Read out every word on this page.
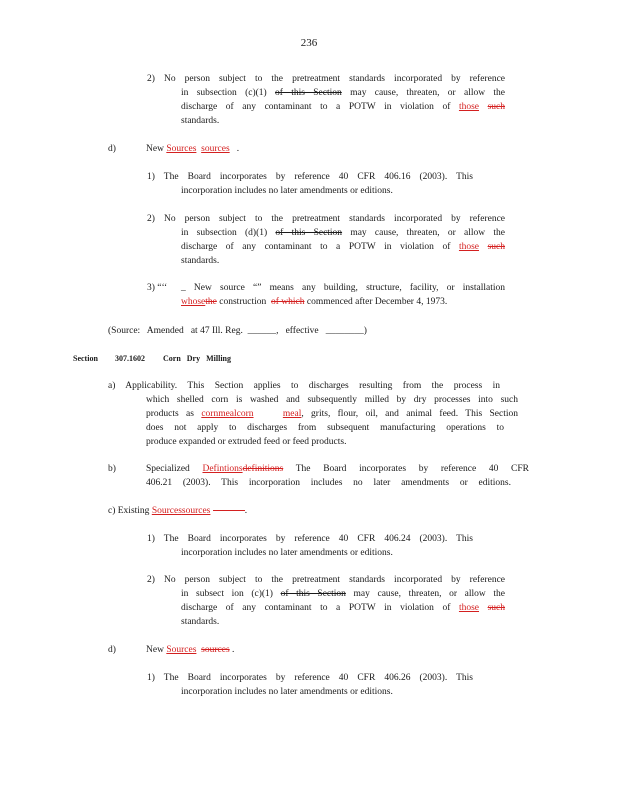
236
2) No person subject to the pretreatment standards incorporated by reference
in subsection (c)(1) of this Section may cause, threaten, or allow the
discharge of any contaminant to a POTW in violation of those such
standards.
d)	New Sources sources .
1) The Board incorporates by reference 40 CFR 406.16 (2003). This
incorporation includes no later amendments or editions.
2) No person subject to the pretreatment standards incorporated by reference
in subsection (d)(1) of this Section may cause, threaten, or allow the
discharge of any contaminant to a POTW in violation of those such
standards.
3) “‘‘ _ New source “” means any building, structure, facility, or installation
whosethe construction of which commenced after December 4, 1973.
(Source:   Amended   at 47 Ill. Reg.  ______,   effective   ________)
Section 307.1602 Corn   Dry   Milling
a) Applicability. This Section applies to discharges resulting from the process in
which shelled corn is washed and subsequently milled by dry processes into such
products as cornmealcorn	meal, grits, flour, oil, and animal feed. This Section
does not apply to discharges from subsequent manufacturing operations to
produce expanded or extruded feed or feed products.
b)	Specialized Defintionsdefinitions The Board incorporates by reference 40 CFR
406.21 (2003). This incorporation includes no later amendments or editions.
c) Existing Sourcessources	.
1) The Board incorporates by reference 40 CFR 406.24 (2003). This
incorporation includes no later amendments or editions.
2) No person subject to the pretreatment standards incorporated by reference
in subsect ion (c)(1) of this Section may cause, threaten, or allow the
discharge of any contaminant to a POTW in violation of those such
standards.
d)	New Sources sources .
1) The Board incorporates by reference 40 CFR 406.26 (2003). This
incorporation includes no later amendments or editions.
